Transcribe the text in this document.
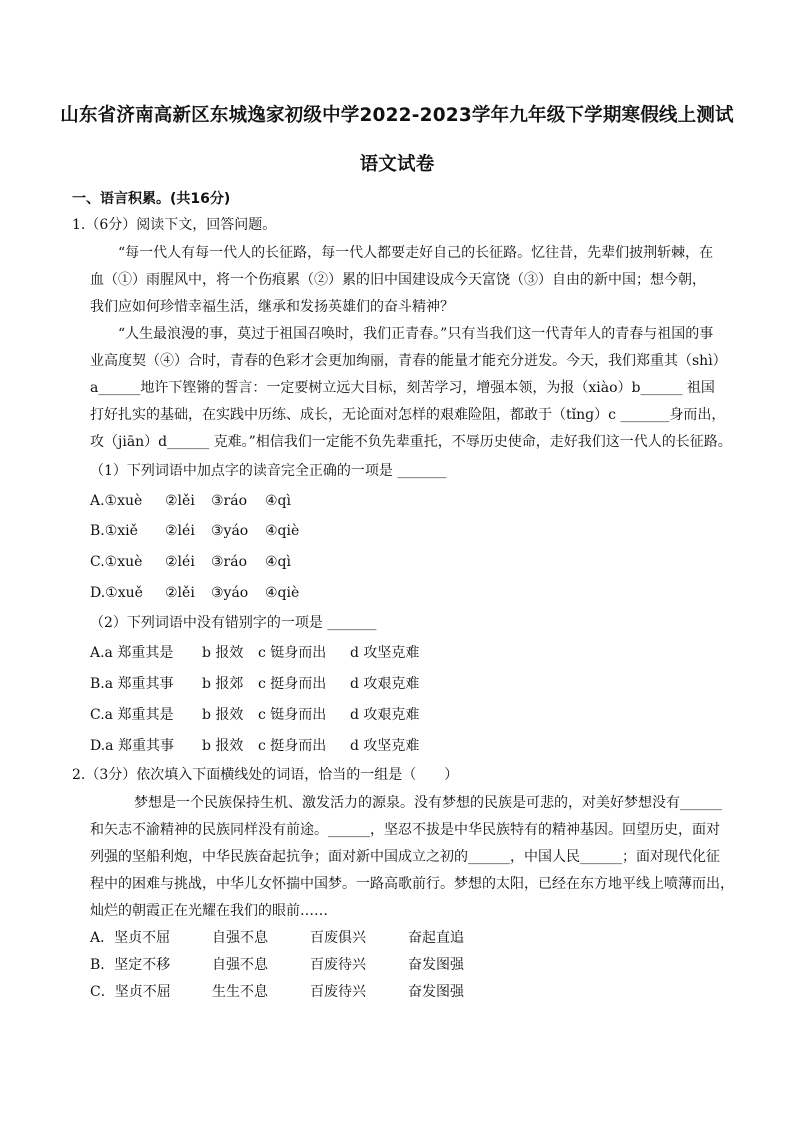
山东省济南高新区东城逸家初级中学2022-2023学年九年级下学期寒假线上测试
语文试卷
一、语言积累。(共16分)
1.（6分）阅读下文，回答问题。
“每一代人有每一代人的长征路，每一代人都要走好自己的长征路。忆往昔，先辈们披荆斩棘，在
血（①）雨腥风中，将一个伤痕累（②）累的旧中国建设成今天富饶（③）自由的新中国；想今朝，
我们应如何珍惜幸福生活，继承和发扬英雄们的奋斗精神？
“人生最浪漫的事，莫过于祖国召唤时，我们正青春。”只有当我们这一代青年人的青春与祖国的事
业高度契（④）合时，青春的色彩才会更加绚丽，青春的能量才能充分迸发。今天，我们郑重其（shì）
a______地许下铿锵的誓言：一定要树立远大目标，刻苦学习，增强本领，为报（xiào）b______ 祖国
打好扎实的基础，在实践中历练、成长，无论面对怎样的艰难险阻，都敢于（tǐnɡ）c _______身而出，
攻（jiān）d______ 克难。”相信我们一定能不负先辈重托，不辱历史使命，走好我们这一代人的长征路。
（1）下列词语中加点字的读音完全正确的一项是 _______
A.①xuè ②lěi ③ráo ④qì
B.①xiě ②léi ③yáo ④qiè
C.①xuè ②léi ③ráo ④qì
D.①xuě ②lěi ③yáo ④qiè
（2）下列词语中没有错别字的一项是 _______
A.a 郑重其是 b 报效 c 铤身而出 d 攻坚克难
B.a 郑重其事 b 报郊 c 挺身而出 d 攻艰克难
C.a 郑重其是 b 报效 c 铤身而出 d 攻艰克难
D.a 郑重其事 b 报效 c 挺身而出 d 攻坚克难
2.（3分）依次填入下面横线处的词语，恰当的一组是（　　）
梦想是一个民族保持生机、激发活力的源泉。没有梦想的民族是可悲的，对美好梦想没有______
和矢志不渝精神的民族同样没有前途。______，坚忍不拔是中华民族特有的精神基因。回望历史，面对
列强的坚船利炮，中华民族奋起抗争；面对新中国成立之初的______，中国人民______；面对现代化征
程中的困难与挑战，中华儿女怀揣中国梦。一路高歌前行。梦想的太阳，已经在东方地平线上喷薄而出，
灿烂的朝霞正在光耀在我们的眼前……
A．坚贞不屈	自强不息	百废俱兴	奋起直追
B．坚定不移	自强不息	百废待兴	奋发图强
C．坚贞不屈	生生不息	百废待兴	奋发图强
